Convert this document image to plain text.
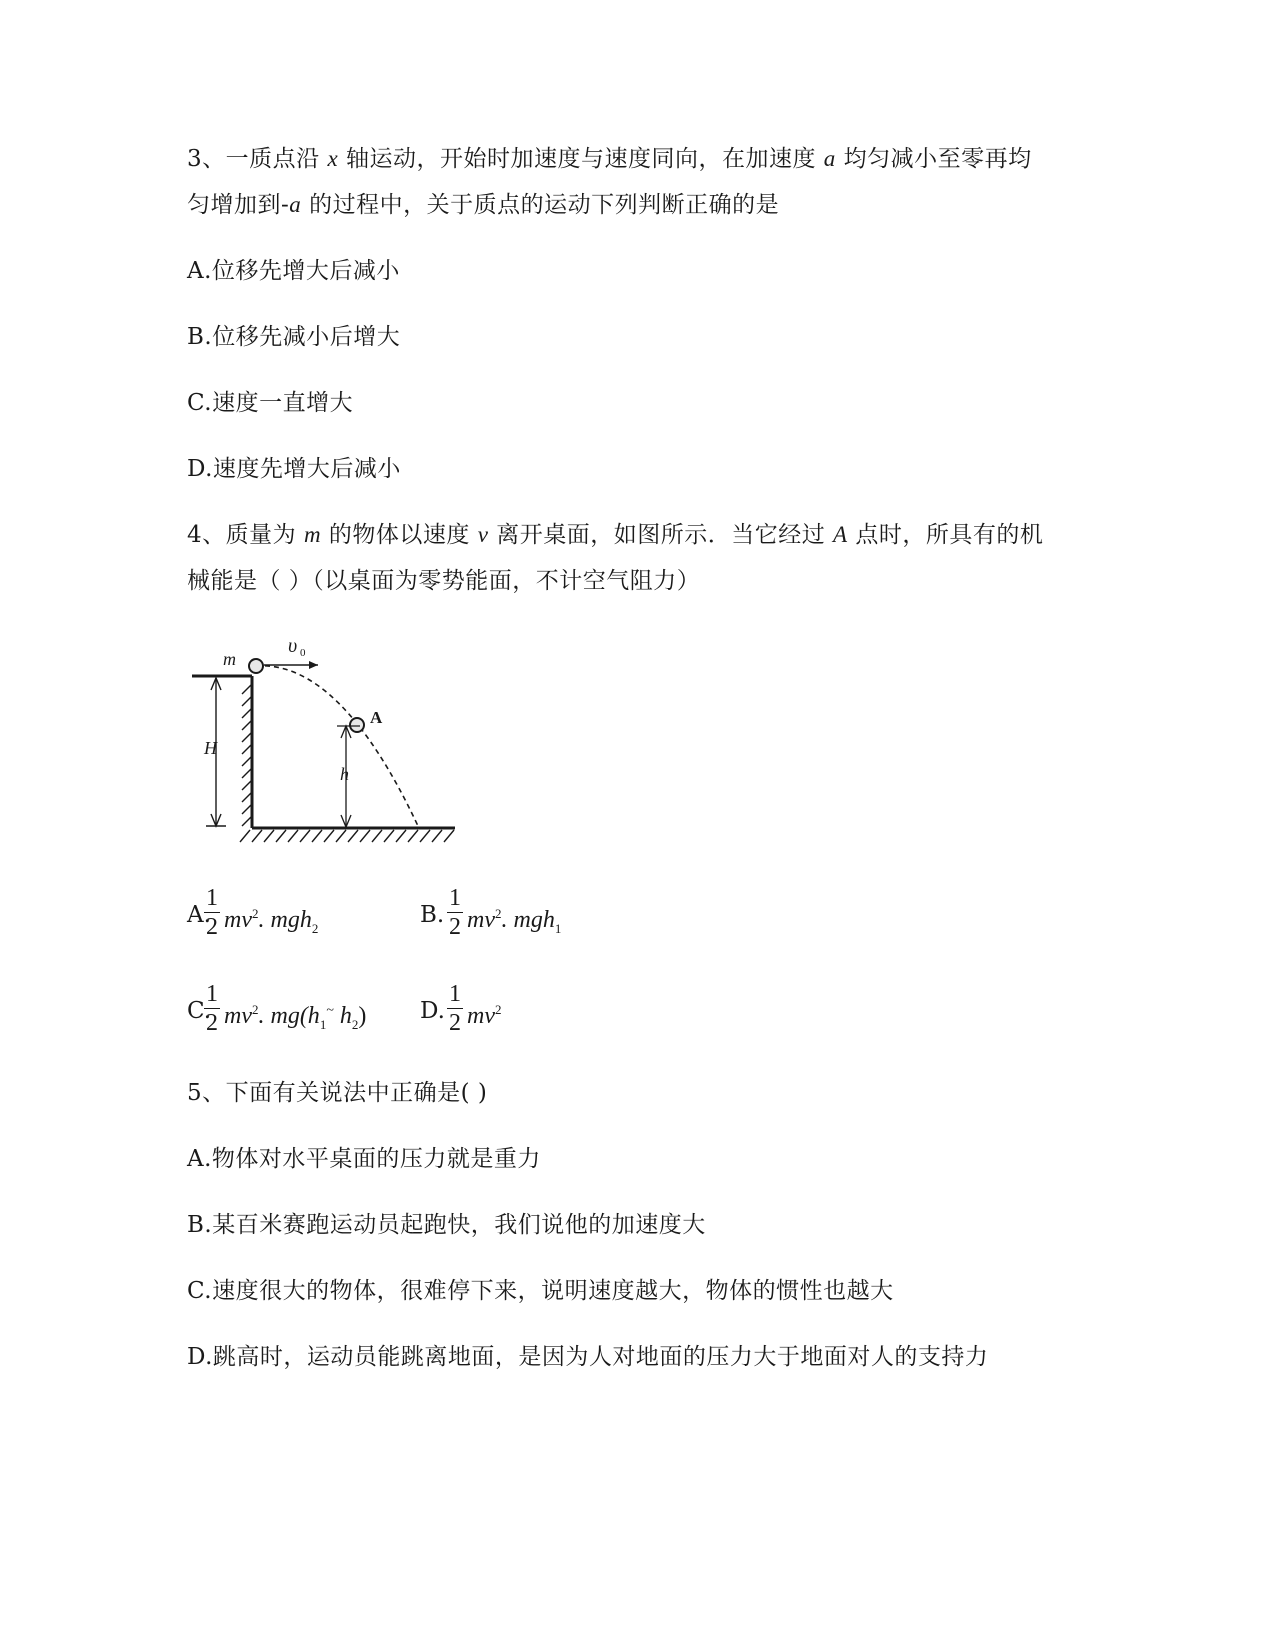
3、一质点沿 x 轴运动，开始时加速度与速度同向，在加速度 a 均匀减小至零再均
匀增加到-a 的过程中，关于质点的运动下列判断正确的是
A.位移先增大后减小
B.位移先减小后增大
C.速度一直增大
D.速度先增大后减小
4、质量为 m 的物体以速度 v 离开桌面，如图所示．当它经过 A 点时，所具有的机
械能是（ ）（以桌面为零势能面，不计空气阻力）
m
υ 0
A
H
h
A.
1
2 $mv^2$. mgh$_2$
B.
1
2 $mv^2$. mgh$_1$
C.
1
2 $mv^2$. $mg(h_1^\sim$ $h_2$) D.
1
2 $mv^2$
5、下面有关说法中正确是( )
A.物体对水平桌面的压力就是重力
B.某百米赛跑运动员起跑快，我们说他的加速度大
C.速度很大的物体，很难停下来，说明速度越大，物体的惯性也越大
D.跳高时，运动员能跳离地面，是因为人对地面的压力大于地面对人的支持力
